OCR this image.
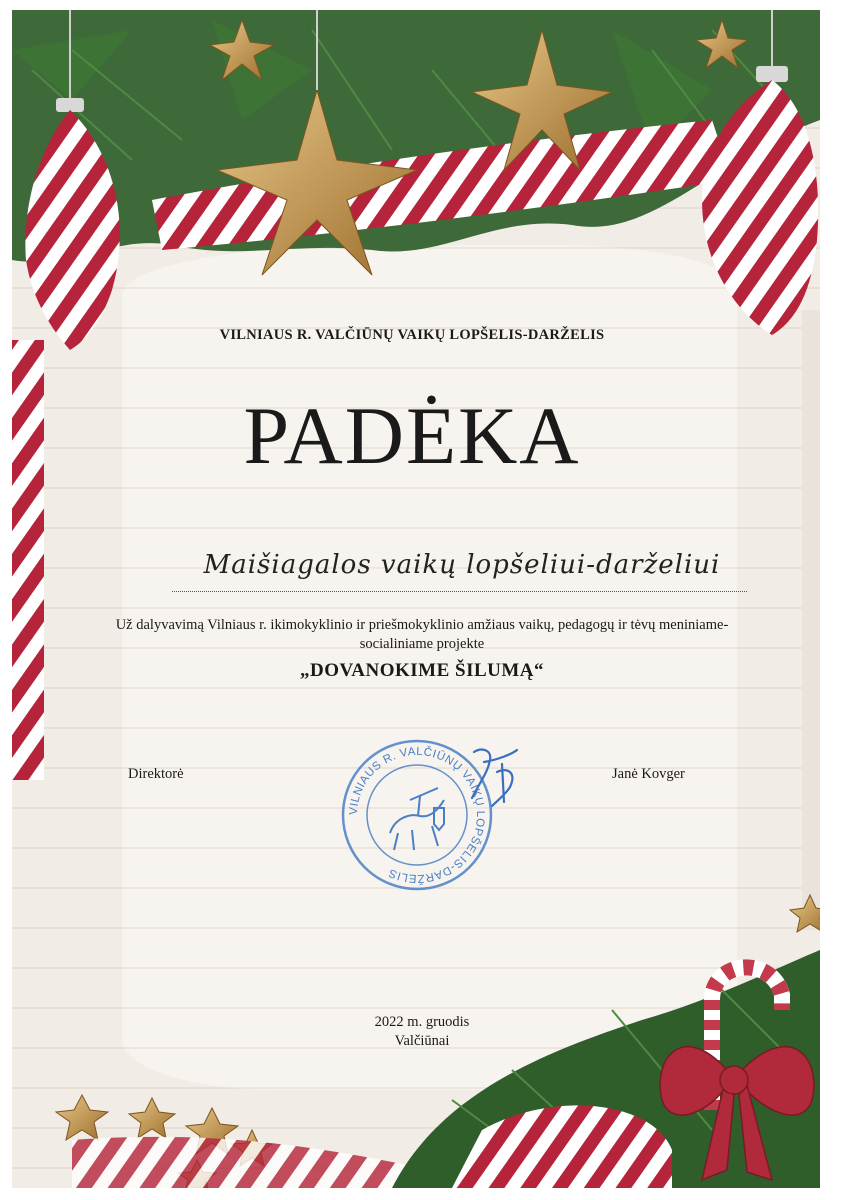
VILNIAUS R. VALČIŪNŲ VAIKŲ LOPŠELIS-DARŽELIS

PADĖKA

Maišiagalos vaikų lopšeliui-darželiui

Už dalyvavimą Vilniaus r. ikimokyklinio ir priešmokyklinio amžiaus vaikų, pedagogų ir tėvų meniniame-socialiniame projekte

„DOVANOKIME ŠILUMĄ“

Direktorė	Janė Kovger

VILNIAUS R. VALČIŪNŲ VAIKŲ LOPŠELIS-DARŽELIS

2022 m. gruodis
Valčiūnai
